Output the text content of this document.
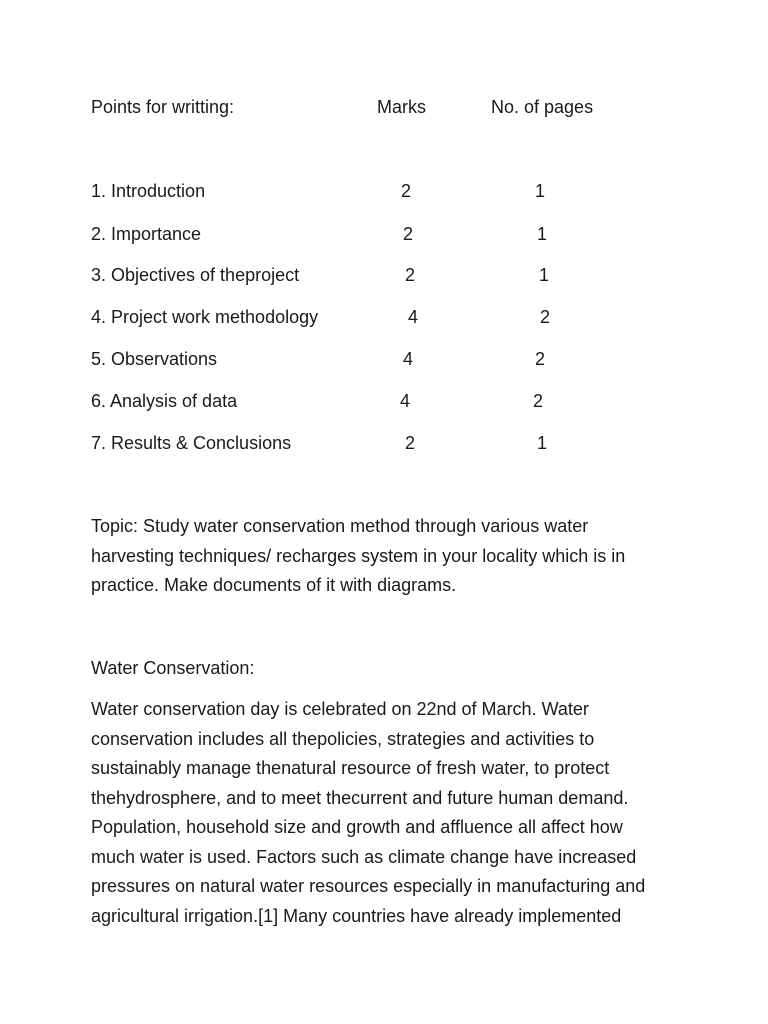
Points for writting:	Marks	No. of pages
1. Introduction	2	1
2. Importance	2	1
3. Objectives of theproject	2	1
4. Project work methodology	4	2
5. Observations	4	2
6. Analysis of data	4	2
7. Results & Conclusions	2	1
Topic: Study water conservation method through various water
harvesting techniques/ recharges system in your locality which is in
practice. Make documents of it with diagrams.
Water Conservation:
Water conservation day is celebrated on 22nd of March. Water
conservation includes all thepolicies, strategies and activities to
sustainably manage thenatural resource of fresh water, to protect
thehydrosphere, and to meet thecurrent and future human demand.
Population, household size and growth and affluence all affect how
much water is used. Factors such as climate change have increased
pressures on natural water resources especially in manufacturing and
agricultural irrigation.[1] Many countries have already implemented
